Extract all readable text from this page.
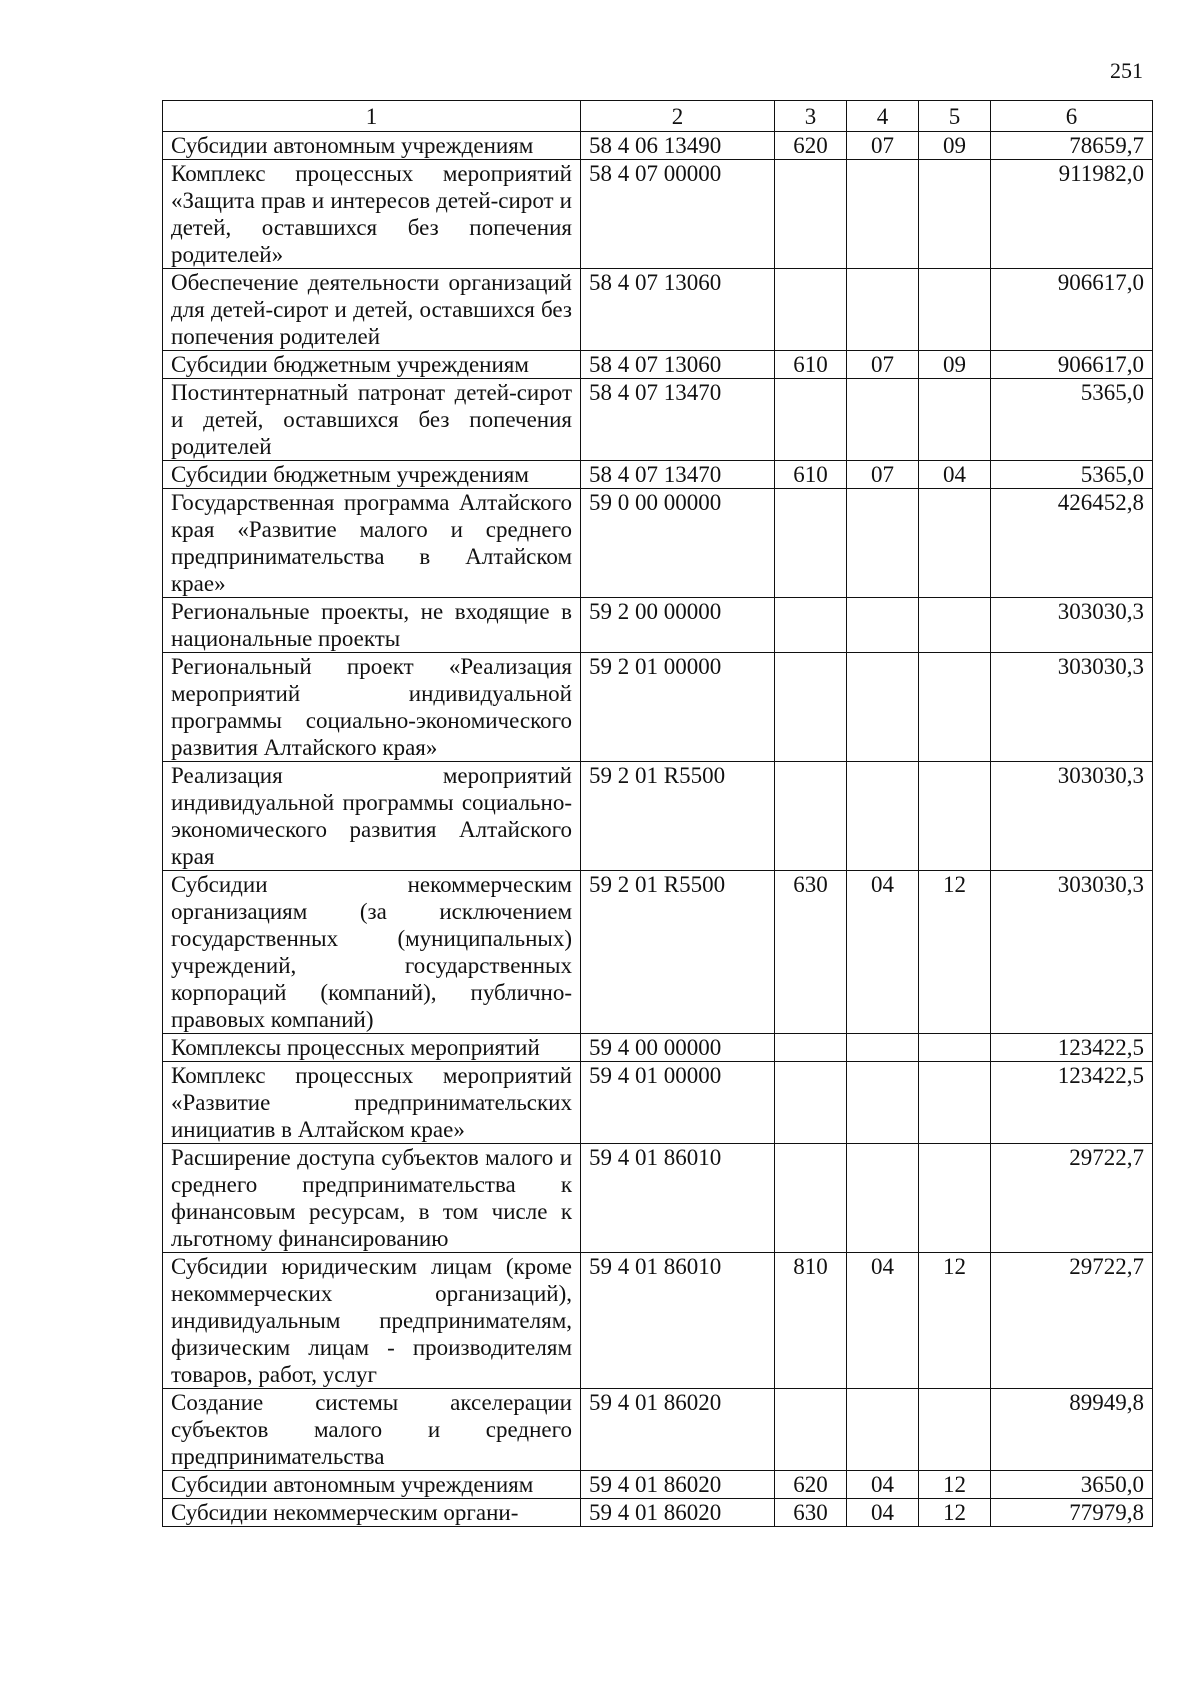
251
1	2	3	4	5	6
Субсидии автономным учреждениям	58 4 06 13490	620	07	09	78659,7
Комплекс процессных мероприятий «Защита прав и интересов детей-сирот и детей, оставшихся без попечения родителей»	58 4 07 00000				911982,0
Обеспечение деятельности организаций для детей-сирот и детей, оставшихся без попечения родителей	58 4 07 13060				906617,0
Субсидии бюджетным учреждениям	58 4 07 13060	610	07	09	906617,0
Постинтернатный патронат детей-сирот и детей, оставшихся без попечения родителей	58 4 07 13470				5365,0
Субсидии бюджетным учреждениям	58 4 07 13470	610	07	04	5365,0
Государственная программа Алтайского края «Развитие малого и среднего предпринимательства в Алтайском крае»	59 0 00 00000				426452,8
Региональные проекты, не входящие в национальные проекты	59 2 00 00000				303030,3
Региональный проект «Реализация мероприятий индивидуальной программы социально-экономического развития Алтайского края»	59 2 01 00000				303030,3
Реализация мероприятий индивидуальной программы социально-экономического развития Алтайского края	59 2 01 R5500				303030,3
Субсидии некоммерческим организациям (за исключением государственных (муниципальных) учреждений, государственных корпораций (компаний), публично-правовых компаний)	59 2 01 R5500	630	04	12	303030,3
Комплексы процессных мероприятий	59 4 00 00000				123422,5
Комплекс процессных мероприятий «Развитие предпринимательских инициатив в Алтайском крае»	59 4 01 00000				123422,5
Расширение доступа субъектов малого и среднего предпринимательства к финансовым ресурсам, в том числе к льготному финансированию	59 4 01 86010				29722,7
Субсидии юридическим лицам (кроме некоммерческих организаций), индивидуальным предпринимателям, физическим лицам - производителям товаров, работ, услуг	59 4 01 86010	810	04	12	29722,7
Создание системы акселерации субъектов малого и среднего предпринимательства	59 4 01 86020				89949,8
Субсидии автономным учреждениям	59 4 01 86020	620	04	12	3650,0
Субсидии некоммерческим органи-	59 4 01 86020	630	04	12	77979,8
